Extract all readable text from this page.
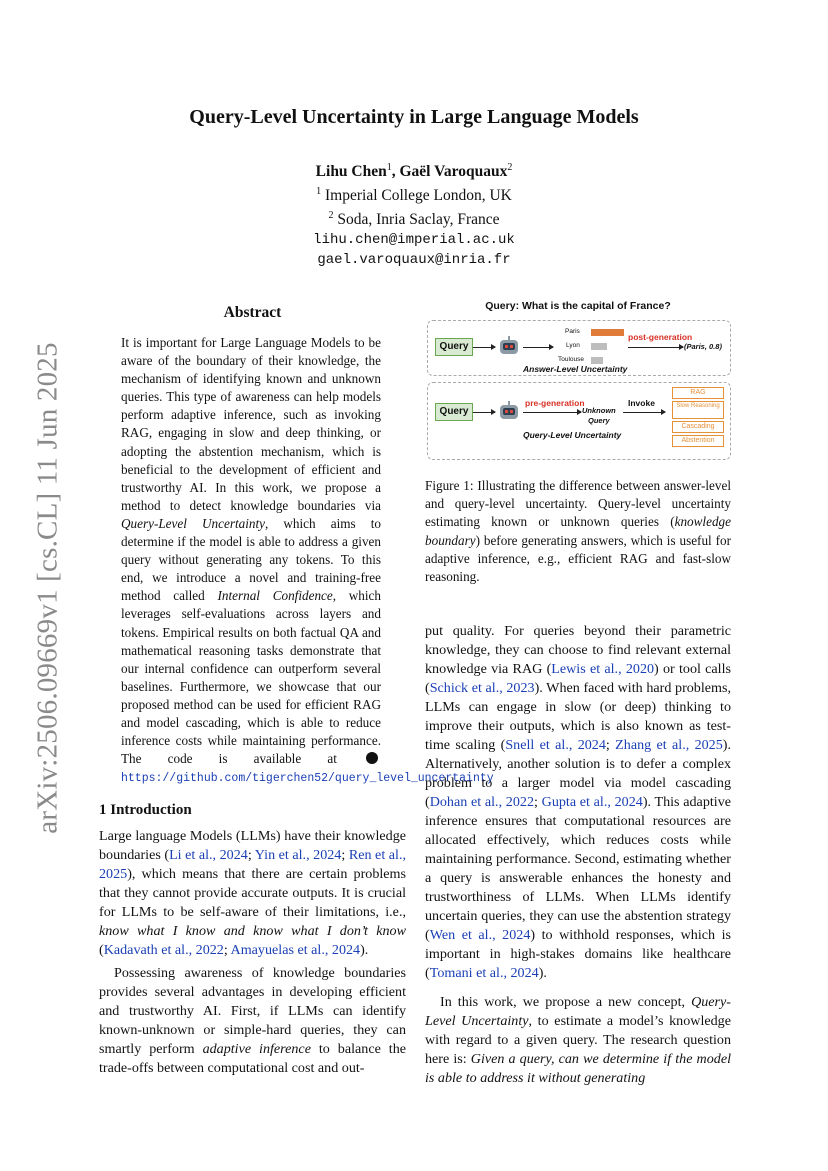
arXiv:2506.09669v1 [cs.CL] 11 Jun 2025
Query-Level Uncertainty in Large Language Models
Lihu Chen$^1$, Gaël Varoquaux$^2$
$^1$ Imperial College London, UK
$^2$ Soda, Inria Saclay, France
lihu.chen@imperial.ac.uk
gael.varoquaux@inria.fr
Abstract
It is important for Large Language Models to be aware of the boundary of their knowledge, the mechanism of identifying known and unknown queries. This type of awareness can help models perform adaptive inference, such as invoking RAG, engaging in slow and deep thinking, or adopting the abstention mechanism, which is beneficial to the development of efficient and trustworthy AI. In this work, we propose a method to detect knowledge boundaries via Query-Level Uncertainty, which aims to determine if the model is able to address a given query without generating any tokens. To this end, we introduce a novel and training-free method called Internal Confidence, which leverages self-evaluations across layers and tokens. Empirical results on both factual QA and mathematical reasoning tasks demonstrate that our internal confidence can outperform several baselines. Furthermore, we showcase that our proposed method can be used for efficient RAG and model cascading, which is able to reduce inference costs while maintaining performance. The code is available at  https://github.com/tigerchen52/query_level_uncertainty
1 Introduction

Large language Models (LLMs) have their knowledge boundaries (Li et al., 2024; Yin et al., 2024; Ren et al., 2025), which means that there are certain problems that they cannot provide accurate outputs. It is crucial for LLMs to be self-aware of their limitations, i.e., know what I know and know what I don’t know (Kadavath et al., 2022; Amayuelas et al., 2024).

Possessing awareness of knowledge boundaries provides several advantages in developing efficient and trustworthy AI. First, if LLMs can identify known-unknown or simple-hard queries, they can smartly perform adaptive inference to balance the trade-offs between computational cost and out-

Query: What is the capital of France?
Query
Paris
Lyon
Toulouse
post-generation
(Paris, 0.8)
Answer-Level Uncertainty
Query
pre-generation
Unknown
Query
Invoke
Query-Level Uncertainty
RAG
Slow Reasoning
Cascading
Abstention
Figure 1: Illustrating the difference between answer-level and query-level uncertainty. Query-level uncertainty estimating known or unknown queries (knowledge boundary) before generating answers, which is useful for adaptive inference, e.g., efficient RAG and fast-slow reasoning.

put quality. For queries beyond their parametric knowledge, they can choose to find relevant external knowledge via RAG (Lewis et al., 2020) or tool calls (Schick et al., 2023). When faced with hard problems, LLMs can engage in slow (or deep) thinking to improve their outputs, which is also known as test-time scaling (Snell et al., 2024; Zhang et al., 2025). Alternatively, another solution is to defer a complex problem to a larger model via model cascading (Dohan et al., 2022; Gupta et al., 2024). This adaptive inference ensures that computational resources are allocated effectively, which reduces costs while maintaining performance. Second, estimating whether a query is answerable enhances the honesty and trustworthiness of LLMs. When LLMs identify uncertain queries, they can use the abstention strategy (Wen et al., 2024) to withhold responses, which is important in high-stakes domains like healthcare (Tomani et al., 2024).

In this work, we propose a new concept, Query-Level Uncertainty, to estimate a model’s knowledge with regard to a given query. The research question here is: Given a query, can we determine if the model is able to address it without generating
